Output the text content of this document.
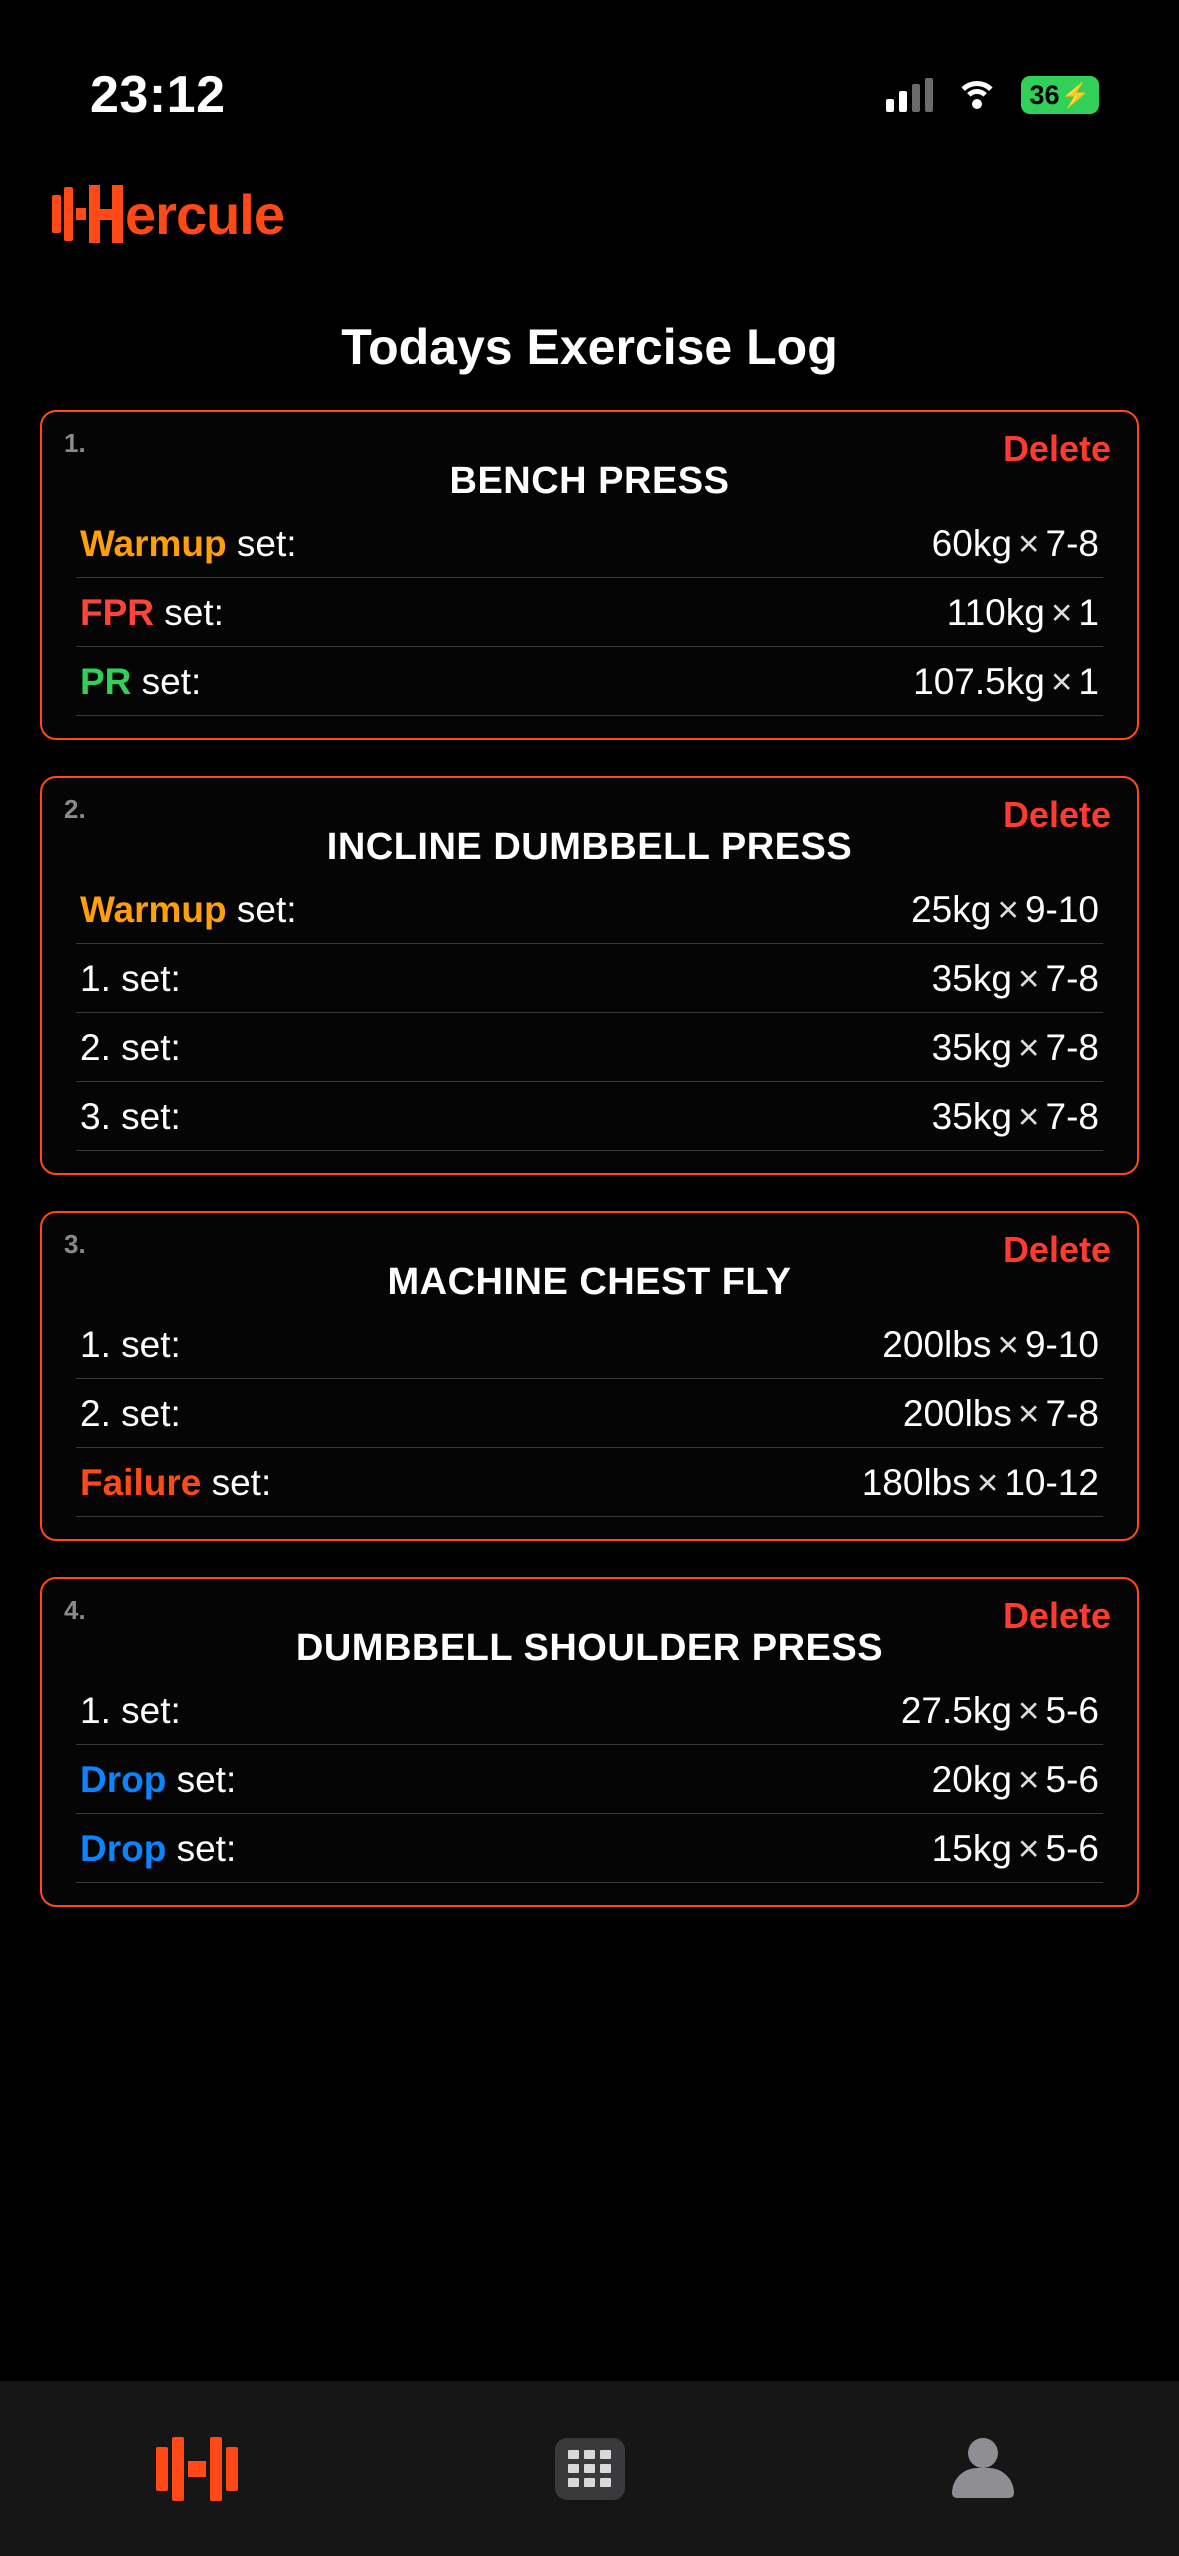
23:12	36 ⚡
ercule
Todays Exercise Log
1.	Delete
BENCH PRESS
Warmup set:	60kg × 7-8
FPR set:	110kg × 1
PR set:	107.5kg × 1
2.	Delete
INCLINE DUMBBELL PRESS
Warmup set:	25kg × 9-10
1. set:	35kg × 7-8
2. set:	35kg × 7-8
3. set:	35kg × 7-8
3.	Delete
MACHINE CHEST FLY
1. set:	200lbs × 9-10
2. set:	200lbs × 7-8
Failure set:	180lbs × 10-12
4.	Delete
DUMBBELL SHOULDER PRESS
1. set:	27.5kg × 5-6
Drop set:	20kg × 5-6
Drop set:	15kg × 5-6
